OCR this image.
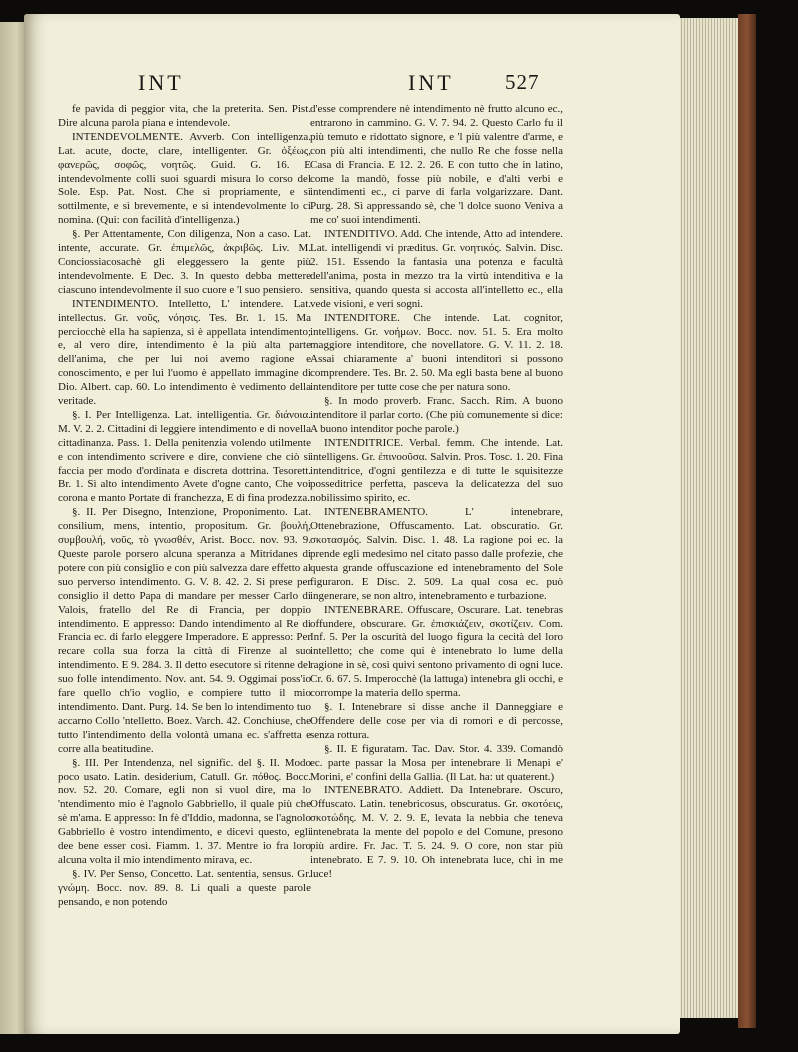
INT	INT 527

fe pavida di peggior vita, che la preterita. Sen. Pist. Dire alcuna parola piana e intendevole.

INTENDEVOLMENTE. Avverb. Con intelligenza. Lat. acute, docte, clare, intelligenter. Gr. ὀξέως, φανερῶς, σοφῶς, νοητῶς. Guid. G. 16. E intendevolmente colli suoi sguardi misura lo corso del Sole. Esp. Pat. Nost. Che sì propriamente, e sì sottilmente, e sì brevemente, e sì intendevolmente lo ci nomina. (Qui: con facilità d'intelligenza.)

§. Per Attentamente, Con diligenza, Non a caso. Lat. intente, accurate. Gr. ἐπιμελῶς, ἀκριβῶς. Liv. M. Conciossiacosachè gli eleggessero la gente più intendevolmente. E Dec. 3. In questo debba mettere ciascuno intendevolmente il suo cuore e 'l suo pensiero.

INTENDIMENTO. Intelletto, L' intendere. Lat. intellectus. Gr. νοῦς, νόησις. Tes. Br. 1. 15. Ma perciocchè ella ha sapienza, sì è appellata intendimento; e, al vero dire, intendimento è la più alta parte dell'anima, che per lui noi avemo ragione e conoscimento, e per lui l'uomo è appellato immagine di Dio. Albert. cap. 60. Lo intendimento è vedimento della veritade.

§. I. Per Intelligenza. Lat. intelligentia. Gr. διάνοια. M. V. 2. 2. Cittadini di leggiere intendimento e di novella cittadinanza. Pass. 1. Della penitenzia volendo utilmente e con intendimento scrivere e dire, conviene che ciò si faccia per modo d'ordinata e discreta dottrina. Tesorett. Br. 1. Sì alto intendimento Avete d'ogne canto, Che voi corona e manto Portate di franchezza, E di fina prodezza.

§. II. Per Disegno, Intenzione, Proponimento. Lat. consilium, mens, intentio, propositum. Gr. βουλή, συμβουλή, νοῦς, τὸ γνωσθέν, Arist. Bocc. nov. 93. 9. Queste parole porsero alcuna speranza a Mitridanes di potere con più consiglio e con più salvezza dare effetto al suo perverso intendimento. G. V. 8. 42. 2. Sì prese per consiglio il detto Papa di mandare per messer Carlo di Valois, fratello del Re di Francia, per doppio intendimento. E appresso: Dando intendimento al Re di Francia ec. di farlo eleggere Imperadore. E appresso: Per recare colla sua forza la città di Firenze al suo intendimento. E 9. 284. 3. Il detto esecutore si ritenne del suo folle intendimento. Nov. ant. 54. 9. Oggimai poss'io fare quello ch'io voglio, e compiere tutto il mio intendimento. Dant. Purg. 14. Se ben lo intendimento tuo accarno Collo 'ntelletto. Boez. Varch. 42. Conchiuse, che tutto l'intendimento della volontà umana ec. s'affretta e corre alla beatitudine.

§. III. Per Intendenza, nel signific. del §. II. Modo poco usato. Latin. desiderium, Catull. Gr. πόθος. Bocc. nov. 52. 20. Comare, egli non si vuol dire, ma lo 'ntendimento mio è l'agnolo Gabbriello, il quale più che sè m'ama. E appresso: In fè d'Iddio, madonna, se l'agnolo Gabbriello è vostro intendimento, e dicevi questo, egli dee bene esser così. Fiamm. 1. 37. Mentre io fra loro alcuna volta il mio intendimento mirava, ec.

§. IV. Per Senso, Concetto. Lat. sententia, sensus. Gr. γνώμη. Bocc. nov. 89. 8. Li quali a queste parole pensando, e non potendo

d'esse comprendere nè intendimento nè frutto alcuno ec., entrarono in cammino. G. V. 7. 94. 2. Questo Carlo fu il più temuto e ridottato signore, e 'l più valentre d'arme, e con più alti intendimenti, che nullo Re che fosse nella Casa di Francia. E 12. 2. 26. E con tutto che in latino, come la mandò, fosse più nobile, e d'alti verbi e intendimenti ec., ci parve di farla volgarizzare. Dant. Purg. 28. Sì appressando sè, che 'l dolce suono Veniva a me co' suoi intendimenti.

INTENDITIVO. Add. Che intende, Atto ad intendere. Lat. intelligendi vi præditus. Gr. νοητικός. Salvin. Disc. 2. 151. Essendo la fantasia una potenza e facultà dell'anima, posta in mezzo tra la virtù intenditiva e la sensitiva, quando questa si accosta all'intelletto ec., ella vede visioni, e veri sogni.

INTENDITORE. Che intende. Lat. cognitor, intelligens. Gr. νοήμων. Bocc. nov. 51. 5. Era molto maggiore intenditore, che novellatore. G. V. 11. 2. 18. Assai chiaramente a' buoni intenditori si possono comprendere. Tes. Br. 2. 50. Ma egli basta bene al buono intenditore per tutte cose che per natura sono.

§. In modo proverb. Franc. Sacch. Rim. A buono intenditore il parlar corto. (Che più comunemente si dice: A buono intenditor poche parole.)

INTENDITRICE. Verbal. femm. Che intende. Lat. intelligens. Gr. ἐπινοοῦσα. Salvin. Pros. Tosc. 1. 20. Fina intenditrice, d'ogni gentilezza e di tutte le squisitezze posseditrice perfetta, pasceva la delicatezza del suo nobilissimo spirito, ec.

INTENEBRAMENTO. L' intenebrare, Ottenebrazione, Offuscamento. Lat. obscuratio. Gr. σκοτασμός. Salvin. Disc. 1. 48. La ragione poi ec. la prende egli medesimo nel citato passo dalle profezie, che questa grande offuscazione ed intenebramento del Sole figuraron. E Disc. 2. 509. La qual cosa ec. può ingenerare, se non altro, intenebramento e turbazione.

INTENEBRARE. Offuscare, Oscurare. Lat. tenebras offundere, obscurare. Gr. ἐπισκιάζειν, σκοτίζειν. Com. Inf. 5. Per la oscurità del luogo figura la cecità del loro intelletto; che come qui è intenebrato lo lume della ragione in sè, così quivi sentono privamento di ogni luce. Cr. 6. 67. 5. Imperocchè (la lattuga) intenebra gli occhi, e corrompe la materia dello sperma.

§. I. Intenebrare si disse anche il Danneggiare e Offendere delle cose per via di romori e di percosse, senza rottura.

§. II. E figuratam. Tac. Dav. Stor. 4. 339. Comandò ec. parte passar la Mosa per intenebrare li Menapi e' Morini, e' confini della Gallia. (Il Lat. ha: ut quaterent.)

INTENEBRATO. Addiett. Da Intenebrare. Oscuro, Offuscato. Latin. tenebricosus, obscuratus. Gr. σκοτόεις, σκοτώδης. M. V. 2. 9. E, levata la nebbia che teneva intenebrata la mente del popolo e del Comune, presono più ardire. Fr. Jac. T. 5. 24. 9. O core, non star più intenebrato. E 7. 9. 10. Oh intenebrata luce, chi in me luce!
